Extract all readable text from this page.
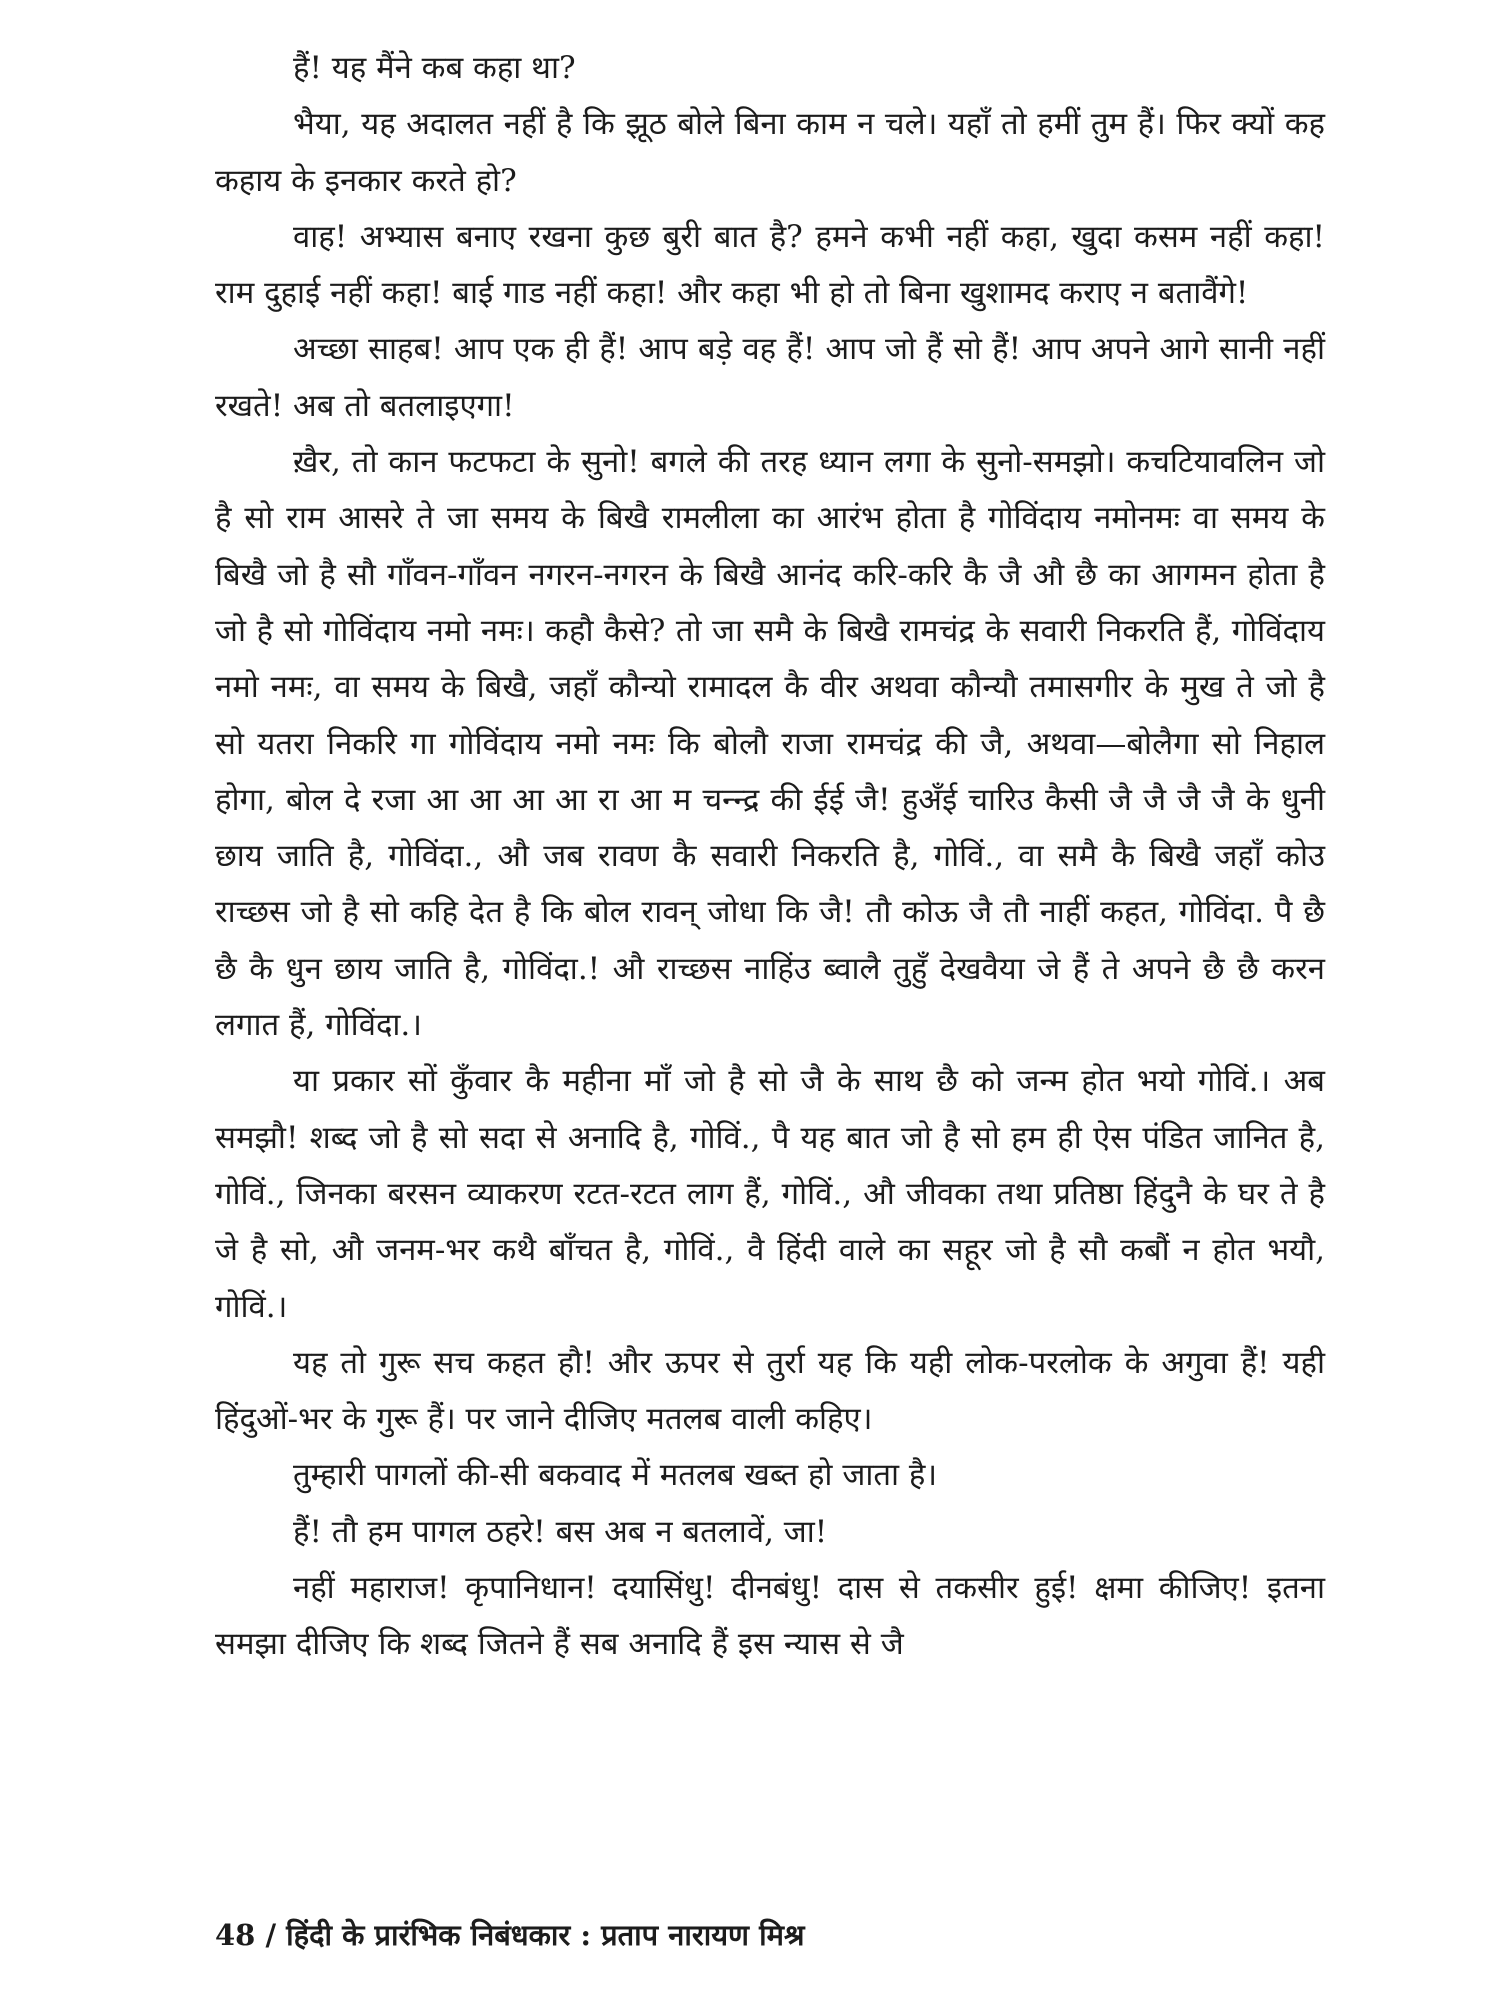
हैं! यह मैंने कब कहा था?

भैया, यह अदालत नहीं है कि झूठ बोले बिना काम न चले। यहाँ तो हमीं तुम हैं। फिर क्यों कह कहाय के इनकार करते हो?

वाह! अभ्यास बनाए रखना कुछ बुरी बात है? हमने कभी नहीं कहा, खुदा कसम नहीं कहा! राम दुहाई नहीं कहा! बाई गाड नहीं कहा! और कहा भी हो तो बिना खुशामद कराए न बतावैंगे!

अच्छा साहब! आप एक ही हैं! आप बड़े वह हैं! आप जो हैं सो हैं! आप अपने आगे सानी नहीं रखते! अब तो बतलाइएगा!

ख़ैर, तो कान फटफटा के सुनो! बगले की तरह ध्यान लगा के सुनो-समझो। कचटियावलिन जो है सो राम आसरे ते जा समय के बिखै रामलीला का आरंभ होता है गोविंदाय नमोनमः वा समय के बिखै जो है सौ गाँवन-गाँवन नगरन-नगरन के बिखै आनंद करि-करि कै जै औ छै का आगमन होता है जो है सो गोविंदाय नमो नमः। कहौ कैसे? तो जा समै के बिखै रामचंद्र के सवारी निकरति हैं, गोविंदाय नमो नमः, वा समय के बिखै, जहाँ कौन्यो रामादल कै वीर अथवा कौन्यौ तमासगीर के मुख ते जो है सो यतरा निकरि गा गोविंदाय नमो नमः कि बोलौ राजा रामचंद्र की जै, अथवा—बोलैगा सो निहाल होगा, बोल दे रजा आ आ आ आ रा आ म चन्न्द्र की ईई जै! हुअँई चारिउ कैसी जै जै जै जै के धुनी छाय जाति है, गोविंदा., औ जब रावण कै सवारी निकरति है, गोविं., वा समै कै बिखै जहाँ कोउ राच्छस जो है सो कहि देत है कि बोल रावन् जोधा कि जै! तौ कोऊ जै तौ नाहीं कहत, गोविंदा. पै छै छै कै धुन छाय जाति है, गोविंदा.! औ राच्छस नाहिंउ ब्वालै तुहुँ देखवैया जे हैं ते अपने छै छै करन लगात हैं, गोविंदा.।

या प्रकार सों कुँवार कै महीना माँ जो है सो जै के साथ छै को जन्म होत भयो गोविं.। अब समझौ! शब्द जो है सो सदा से अनादि है, गोविं., पै यह बात जो है सो हम ही ऐस पंडित जानित है, गोविं., जिनका बरसन व्याकरण रटत-रटत लाग हैं, गोविं., औ जीवका तथा प्रतिष्ठा हिंदुनै के घर ते है जे है सो, औ जनम-भर कथै बाँचत है, गोविं., वै हिंदी वाले का सहूर जो है सौ कबौं न होत भयौ, गोविं.।

यह तो गुरू सच कहत हौ! और ऊपर से तुर्रा यह कि यही लोक-परलोक के अगुवा हैं! यही हिंदुओं-भर के गुरू हैं। पर जाने दीजिए मतलब वाली कहिए।

तुम्हारी पागलों की-सी बकवाद में मतलब खब्त हो जाता है।

हैं! तौ हम पागल ठहरे! बस अब न बतलावें, जा!

नहीं महाराज! कृपानिधान! दयासिंधु! दीनबंधु! दास से तकसीर हुई! क्षमा कीजिए! इतना समझा दीजिए कि शब्द जितने हैं सब अनादि हैं इस न्यास से जै

48 / हिंदी के प्रारंभिक निबंधकार : प्रताप नारायण मिश्र
